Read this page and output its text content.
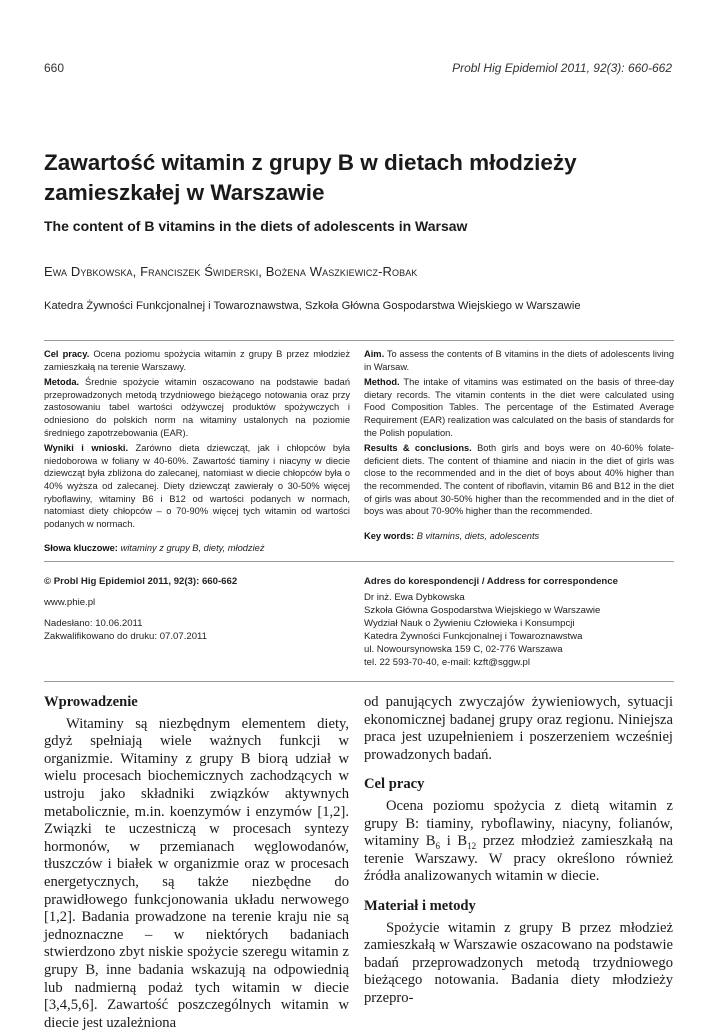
660	Probl Hig Epidemiol 2011, 92(3): 660-662
Zawartość witamin z grupy B w dietach młodzieży zamieszkałej w Warszawie
The content of B vitamins in the diets of adolescents in Warsaw
Ewa Dybkowska, Franciszek Świderski, Bożena Waszkiewicz-Robak
Katedra Żywności Funkcjonalnej i Towaroznawstwa, Szkoła Główna Gospodarstwa Wiejskiego w Warszawie

Cel pracy. Ocena poziomu spożycia witamin z grupy B przez młodzież zamieszkałą na terenie Warszawy.

Metoda. Średnie spożycie witamin oszacowano na podstawie badań przeprowadzonych metodą trzydniowego bieżącego notowania oraz przy zastosowaniu tabel wartości odżywczej produktów spożywczych i odniesiono do polskich norm na witaminy ustalonych na poziomie średniego zapotrzebowania (EAR).

Wyniki i wnioski. Zarówno dieta dziewcząt, jak i chłopców była niedoborowa w foliany w 40-60%. Zawartość tiaminy i niacyny w diecie dziewcząt była zbliżona do zalecanej, natomiast w diecie chłopców była o 40% wyższa od zalecanej. Diety dziewcząt zawierały o 30-50% więcej ryboflawiny, witaminy B6 i B12 od wartości podanych w normach, natomiast diety chłopców – o 70-90% więcej tych witamin od wartości podanych w normach.

Słowa kluczowe: witaminy z grupy B, diety, młodzież

Aim. To assess the contents of B vitamins in the diets of adolescents living in Warsaw.

Method. The intake of vitamins was estimated on the basis of three-day dietary records. The vitamin contents in the diet were calculated using Food Composition Tables. The percentage of the Estimated Average Requirement (EAR) realization was calculated on the basis of standards for the Polish population.

Results & conclusions. Both girls and boys were on 40-60% folate-deficient diets. The content of thiamine and niacin in the diet of girls was close to the recommended and in the diet of boys about 40% higher than the recommended. The content of riboflavin, vitamin B6 and B12 in the diet of girls was about 30-50% higher than the recommended and in the diet of boys was about 70-90% higher than the recommended.

Key words: B vitamins, diets, adolescents

© Probl Hig Epidemiol 2011, 92(3): 660-662

www.phie.pl

Nadesłano: 10.06.2011

Zakwalifikowano do druku: 07.07.2011

Adres do korespondencji / Address for correspondence

Dr inż. Ewa Dybkowska

Szkoła Główna Gospodarstwa Wiejskiego w Warszawie

Wydział Nauk o Żywieniu Człowieka i Konsumpcji

Katedra Żywności Funkcjonalnej i Towaroznawstwa

ul. Nowoursynowska 159 C, 02-776 Warszawa

tel. 22 593-70-40, e-mail: kzft@sggw.pl

Wprowadzenie

Witaminy są niezbędnym elementem diety, gdyż spełniają wiele ważnych funkcji w organizmie. Witaminy z grupy B biorą udział w wielu procesach biochemicznych zachodzących w ustroju jako składniki związków aktywnych metabolicznie, m.in. koenzymów i enzymów [1,2]. Związki te uczestniczą w procesach syntezy hormonów, w przemianach węglowodanów, tłuszczów i białek w organizmie oraz w procesach energetycznych, są także niezbędne do prawidłowego funkcjonowania układu nerwowego [1,2]. Badania prowadzone na terenie kraju nie są jednoznaczne – w niektórych badaniach stwierdzono zbyt niskie spożycie szeregu witamin z grupy B, inne badania wskazują na odpowiednią lub nadmierną podaż tych witamin w diecie [3,4,5,6]. Zawartość poszczególnych witamin w diecie jest uzależniona

od panujących zwyczajów żywieniowych, sytuacji ekonomicznej badanej grupy oraz regionu. Niniejsza praca jest uzupełnieniem i poszerzeniem wcześniej prowadzonych badań.

Cel pracy

Ocena poziomu spożycia z dietą witamin z grupy B: tiaminy, ryboflawiny, niacyny, folianów, witaminy $B_6$ i $B_{12}$ przez młodzież zamieszkałą na terenie Warszawy. W pracy określono również źródła analizowanych witamin w diecie.

Materiał i metody

Spożycie witamin z grupy B przez młodzież zamieszkałą w Warszawie oszacowano na podstawie badań przeprowadzonych metodą trzydniowego bieżącego notowania. Badania diety młodzieży przepro-
